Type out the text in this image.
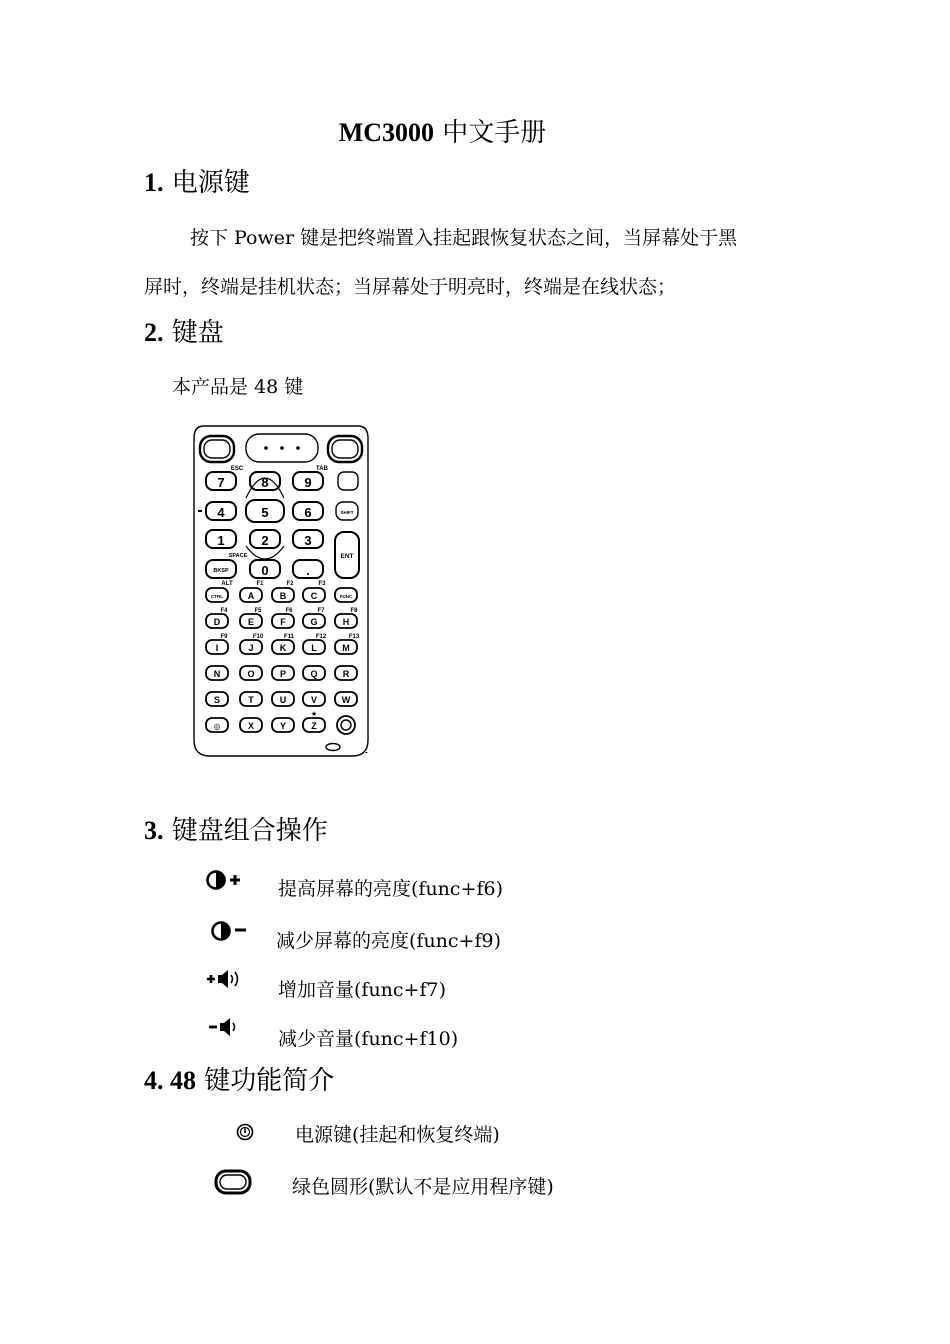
MC3000 中文手册
1. 电源键
按下 Power 键是把终端置入挂起跟恢复状态之间，当屏幕处于黑
屏时，终端是挂机状态；当屏幕处于明亮时，终端是在线状态；
2. 键盘
本产品是 48 键

ESC	TAB
7	8	9
4	5	6	SHIFT
1	2	3
ENT
SPACE
BKSP	0	.
ALT	F1	F2	F3
CTRL	A	B	C	FUNC
F4	F5	F6	F7	F8
D	E	F	G	H
F9	F10	F11	F12	F13
I	J	K	L	M
N	O	P	Q	R
S	T	U	V	W
X	Y	Z
◎
★
3. 键盘组合操作
提高屏幕的亮度(func+f6)
减少屏幕的亮度(func+f9)
增加音量(func+f7)
减少音量(func+f10)
4. 48 键功能简介
电源键(挂起和恢复终端)
绿色圆形(默认不是应用程序键)
